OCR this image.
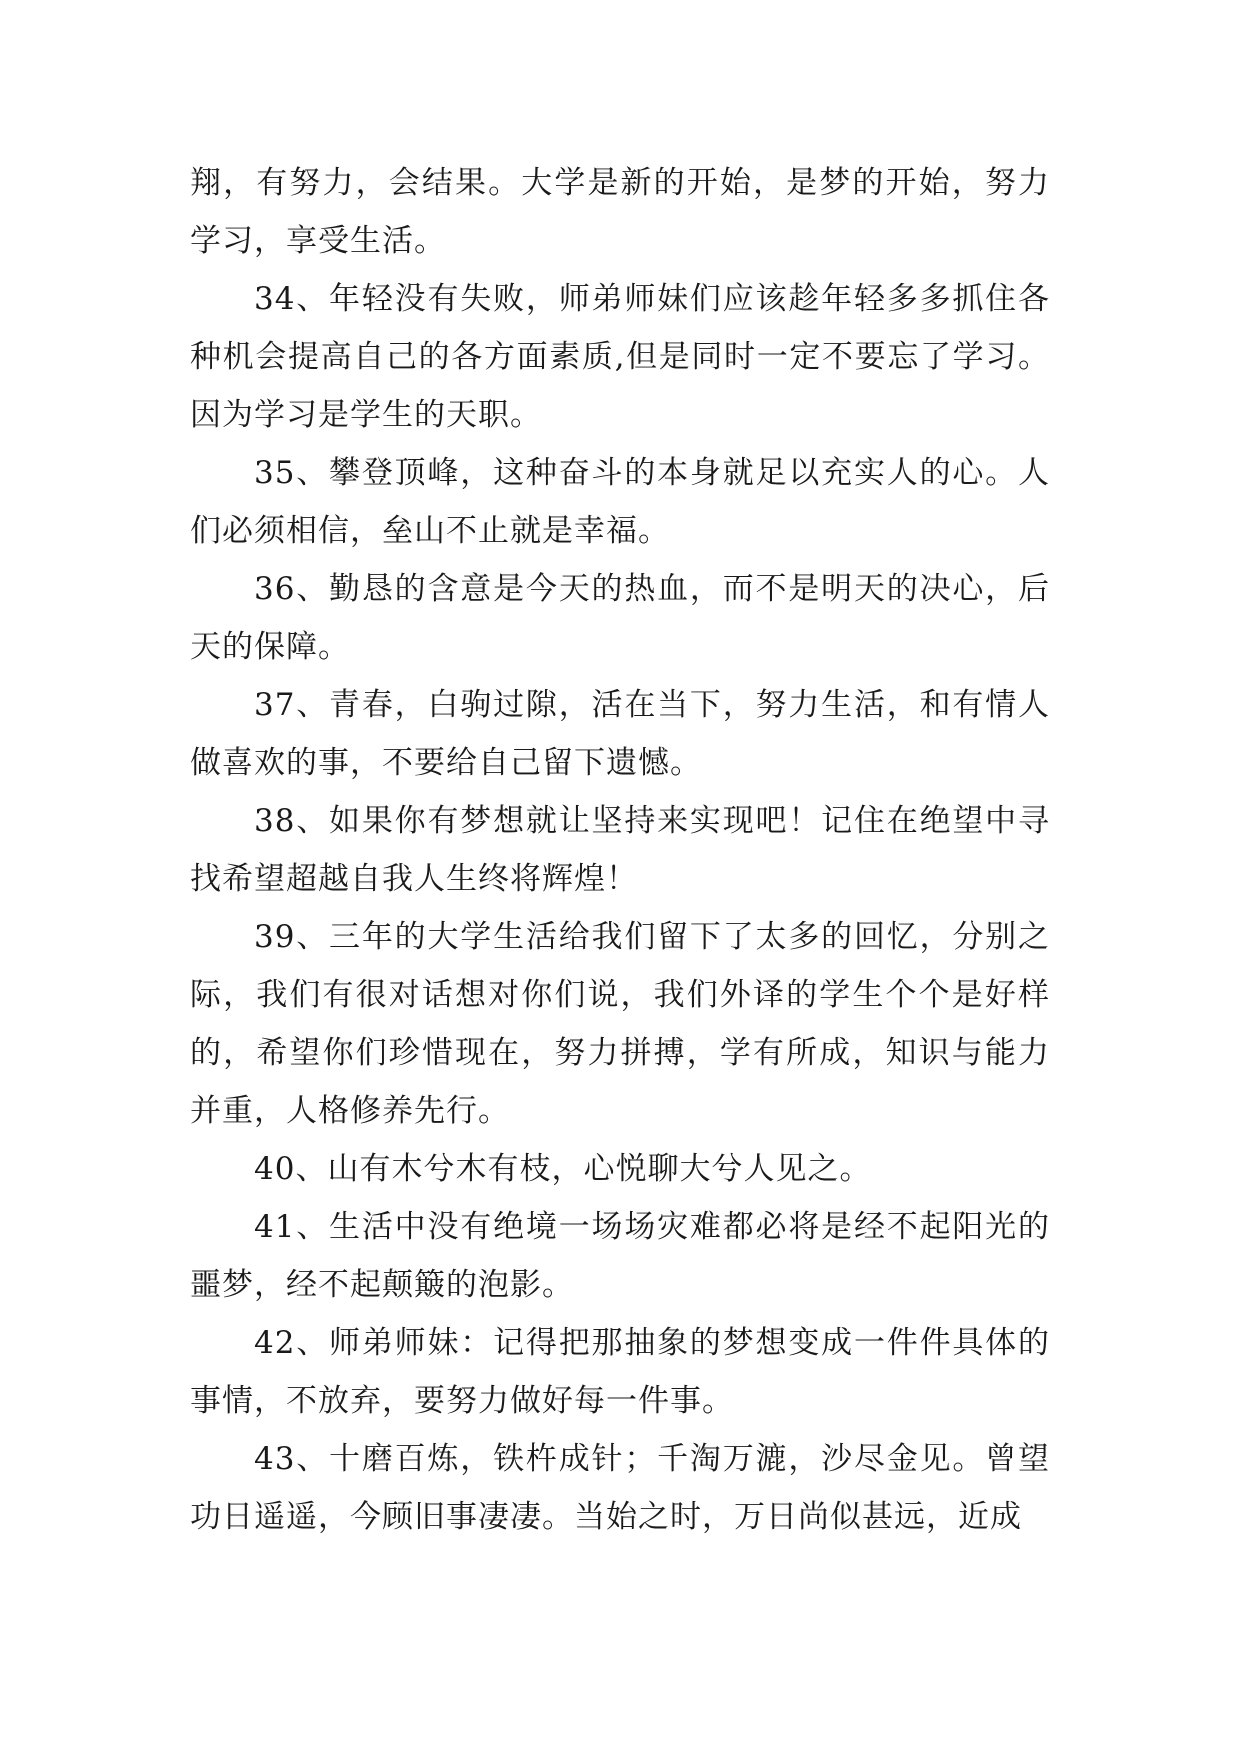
翔，有努力，会结果。大学是新的开始，是梦的开始，努力学习，享受生活。

34、年轻没有失败，师弟师妹们应该趁年轻多多抓住各种机会提高自己的各方面素质,但是同时一定不要忘了学习。因为学习是学生的天职。

35、攀登顶峰，这种奋斗的本身就足以充实人的心。人们必须相信，垒山不止就是幸福。

36、勤恳的含意是今天的热血，而不是明天的决心，后天的保障。

37、青春，白驹过隙，活在当下，努力生活，和有情人做喜欢的事，不要给自己留下遗憾。

38、如果你有梦想就让坚持来实现吧！记住在绝望中寻找希望超越自我人生终将辉煌！

39、三年的大学生活给我们留下了太多的回忆，分别之际，我们有很对话想对你们说，我们外译的学生个个是好样的，希望你们珍惜现在，努力拼搏，学有所成，知识与能力并重，人格修养先行。

40、山有木兮木有枝，心悦聊大兮人见之。

41、生活中没有绝境一场场灾难都必将是经不起阳光的噩梦，经不起颠簸的泡影。

42、师弟师妹：记得把那抽象的梦想变成一件件具体的事情，不放弃，要努力做好每一件事。

43、十磨百炼，铁杵成针；千淘万漉，沙尽金见。曾望功日遥遥，今顾旧事凄凄。当始之时，万日尚似甚远，近成
